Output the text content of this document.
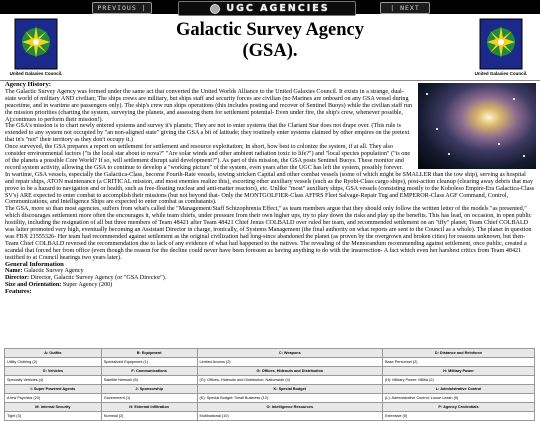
PREVIOUS |	UGC AGENCIES	| NEXT
United Galaxies Council.
Galactic Survey Agency
(GSA).
United Galaxies Council.
Agency History:

The Galactic Survey Agency was formed under the same act that converted the United Worlds Alliance to the United Galaxies Council. It exists in a strange, dual-state world of military AND civilian; The ships crews are military, but ships staff and security forces are civilian (no Marines are onboard on any GSA vessel during peacetime, and in wartime are passengers only). The ship's crew run ships operations (this includes posting and recover of Sentinel Buoys) while the civilian staff run the mission priorities (charting the system, surveying the planets, and assessing them for settlement potential- Even under fire, the ship's crew, whenever possible, Aj;continues to perform their mission!).

The GSA's mission is to chart newly entered systems and survey it's planets; They are not to enter systems that the Clariant Star does not drape over. (This rule is extended to any system not occupied by "an non-aligned state" giving the GSA a bit of latitude; they routinely enter systems claimed by other empires on the pretext that in's "not" their territory as they don't occupy it.)

Once surveyed, the GSA prepares a report on settlement for settlement and resource exploitation; In short, how best to colonize the system, if at all. They also consider environmental factors ("is the local star about to nova?" "Are solar winds and other ambient radiation toxic to life?") and "local species population" ("is one of the planets a possible Core World? If so, will settlement disrupt said development?"). As part of this mission, the GSA posts Sentinel Buoys. These monitor and record system activity, allowing the GSA to continue to develop a "working picture" of the system, even years after the UGC has left the system, possibly forever.

In wartime, GSA vessels, especially the Galactica-Class, become Fourth-Rate vessels, towing stricken Capital and other combat vessels (some of which might be SMALLER than the tow ship), serving as hospital and repair ships, ATON maintenance (a CRITICAL mission, and most enemies realize this), escorting other auxiliary vessels (such as the Ryobi-Class cargo ships), post-action cleanup (clearing away debris that may prove to be a hazard to navigation and or health, such as free-floating nuclear and anti-matter reactors), etc. Unlike "most" auxiliary ships, GSA vessels (consisting mostly to the Koboleso Empire-Era Galactica-Class SV's) ARE expected to enter combat to accomplish their missions (but not beyond that- Only the MONTGOLFIER-Class AFFRS Fleet Salvage-Repair Tug and EMPEROR-Class AGF Command, Control, Communications, and Intelligence Ships are expected to enter combat as combatants).

The GSA, more so than most agencies, suffers from what's called the "Management/Staff Schizophrenia Effect," as team members argue that they should only follow the written letter of the models "as presented," which discourages settlement more often the encourages it, while team chiefs, under pressure from their own higher ups, try to play down the risks and play up the benefits. This has lead, on occasion, in open public hostility, including the resignation of all but three members of Team 48421 after Team 48421 Chief Jenus COLBALD over ruled her team, and recommended settlement on an "iffy" planet; Team Chief COLBALD was latter promoted very high, eventually becoming an Assistant Director in charge, ironically, of Systems Management (the final authority on what reports are sent to the Council as a whole). The planet in question was FBX 21555326- Her team had recommended against settlement as the original civilization had long-since abandoned the planet (as proven by the overgrown and broken cities) for reasons unknown, but then-Team Chief COLBALD reversed the recommendation due to lack of any evidence of what had happened to the natives. The revealing of the Memorandum recommending against settlement, once public, created a scandal that forced her from office (even though the reason for the decline could never have been foreseen as having anything to do with the insurrection- A fact which even her harshest critics from Team 48421 testified to at Council hearings two years later).

General Information

Name: Galactic Survey Agency

Director: Director, Galactic Survey Agency (or "GSA Director").

Size and Orientation: Super Agency (200)

Features:
A: Outfits	B: Equipment	C: Weapons	D: Distance and Reinforce
Utility Clothing (2)	Specialized Equipment (1)	Limited Access (2)	Base Personnel (2)
G: Vehicles	F: Communications	G: Offices, Hideouts and Distribution	H: Military Power
Specialty Vehicles (4)	Satellite Network (5)	(G): Offices, Hideouts and Distribution: Nationwide (4)	(H): Military Power: Militia (2)
I: Super Powered Agents	J: Sponsorship	K: Special Budget	L: Administrative Control
A few Psychics (20)	Government (1)	(K): Special Budget: Small Business (12)	(L): Administrative Control: Loose Leash (5)
M: Internal Security	N: External Infiltration	O: Intelligence Resources	P: Agency Credentials
Tight (3)	Nominal (2)	Multinational (10)	Extensive (5)
